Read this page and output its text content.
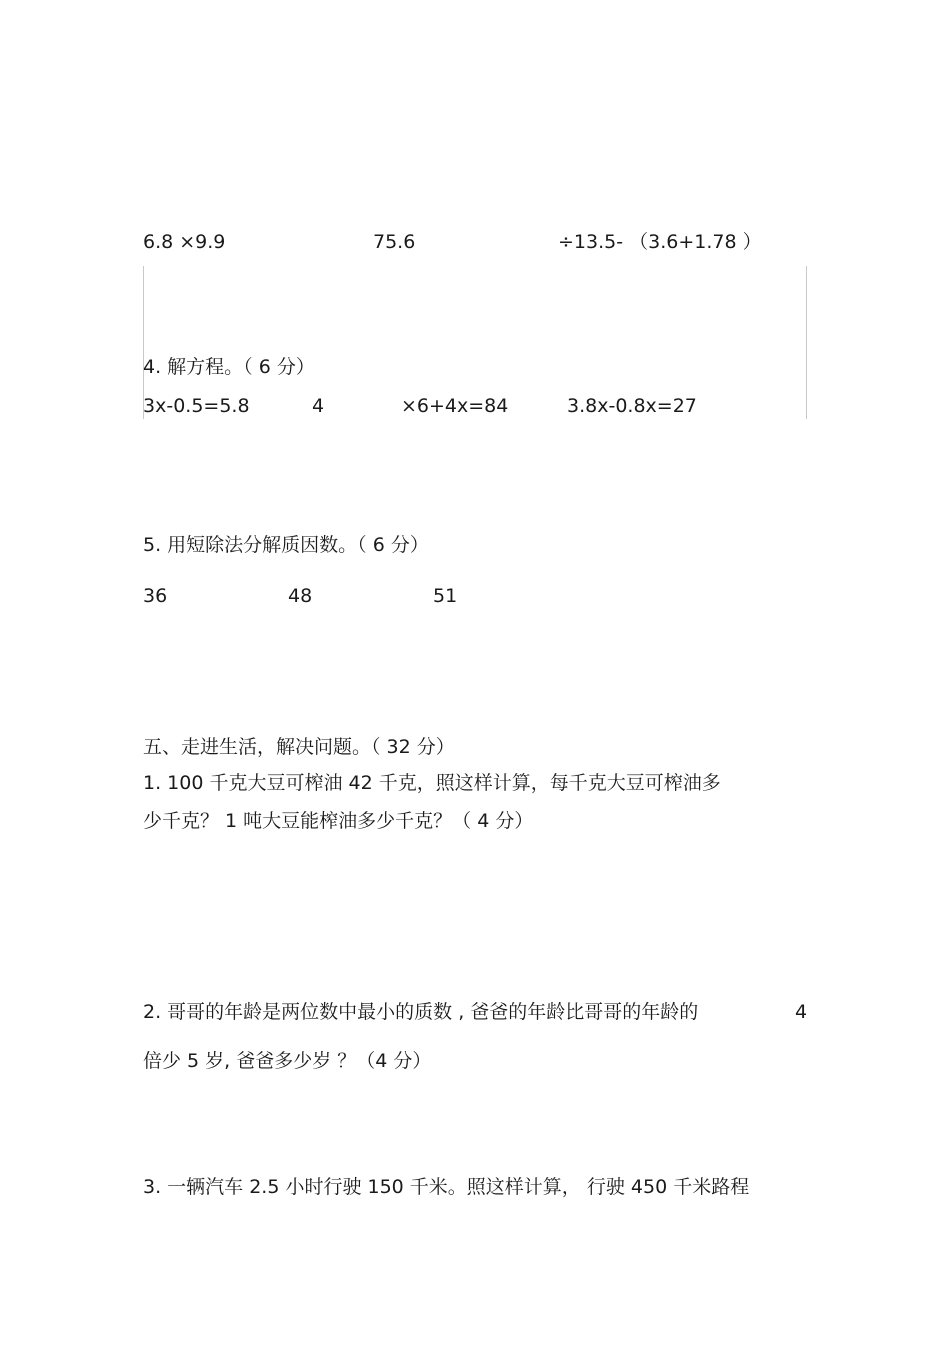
6.8 ×9.9	75.6	÷13.5- （3.6+1.78 ）
4. 解方程。（ 6 分）
3x-0.5=5.8	4	×6+4x=84	3.8x-0.8x=27
5. 用短除法分解质因数。（ 6 分）
36	48	51
五、走进生活，解决问题。（ 32 分）
1. 100 千克大豆可榨油 42 千克，照这样计算，每千克大豆可榨油多
少千克？ 1 吨大豆能榨油多少千克？（ 4 分）
2. 哥哥的年龄是两位数中最小的质数 , 爸爸的年龄比哥哥的年龄的	4
倍少 5 岁, 爸爸多少岁 ？（4 分）
3. 一辆汽车 2.5 小时行驶 150 千米。照这样计算， 行驶 450 千米路程
